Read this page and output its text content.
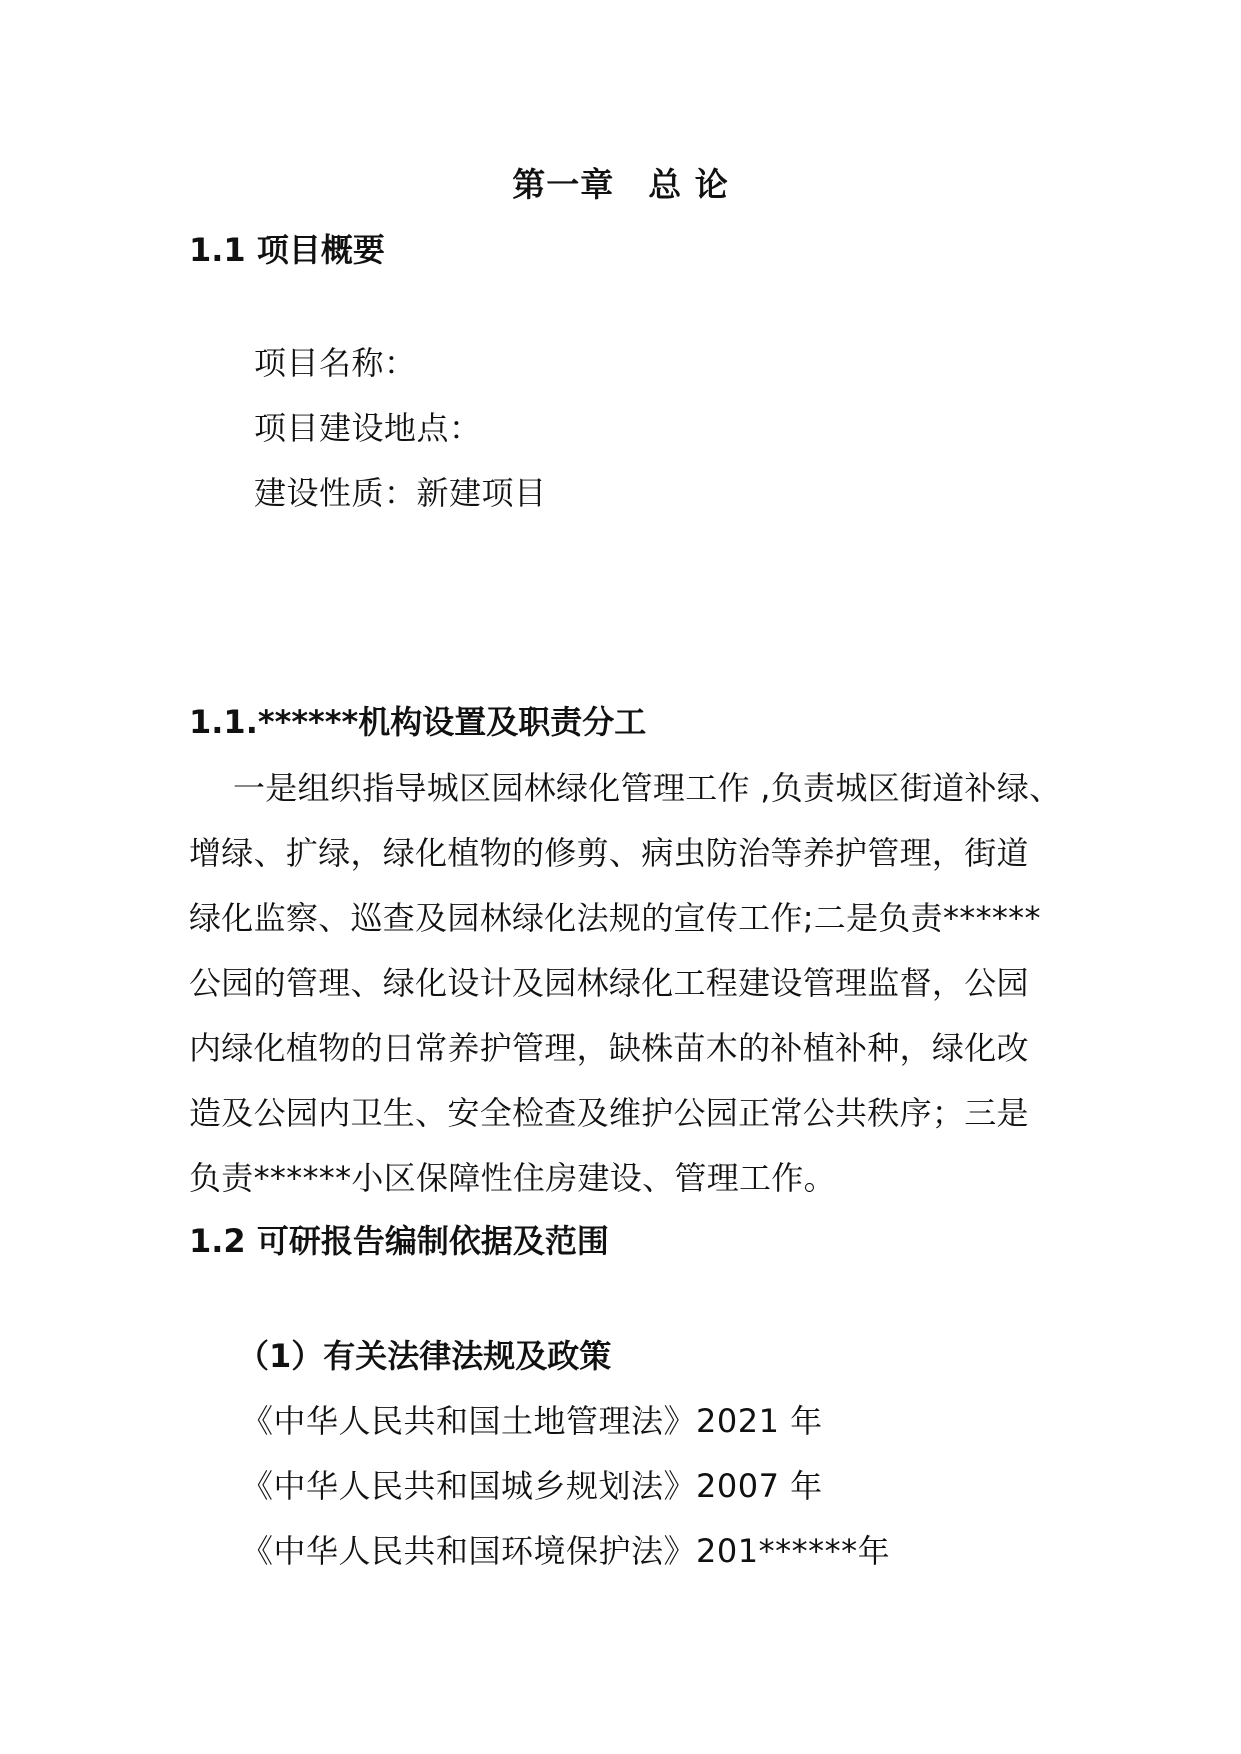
第一章　总 论
1.1 项目概要
项目名称：
项目建设地点：
建设性质：新建项目
1.1.******机构设置及职责分工
一是组织指导城区园林绿化管理工作 ,负责城区街道补绿、
增绿、扩绿，绿化植物的修剪、病虫防治等养护管理，街道
绿化监察、巡查及园林绿化法规的宣传工作;二是负责******
公园的管理、绿化设计及园林绿化工程建设管理监督，公园
内绿化植物的日常养护管理，缺株苗木的补植补种，绿化改
造及公园内卫生、安全检查及维护公园正常公共秩序；三是
负责******小区保障性住房建设、管理工作。
1.2 可研报告编制依据及范围
（1）有关法律法规及政策
《中华人民共和国土地管理法》2021 年
《中华人民共和国城乡规划法》2007 年
《中华人民共和国环境保护法》201******年
